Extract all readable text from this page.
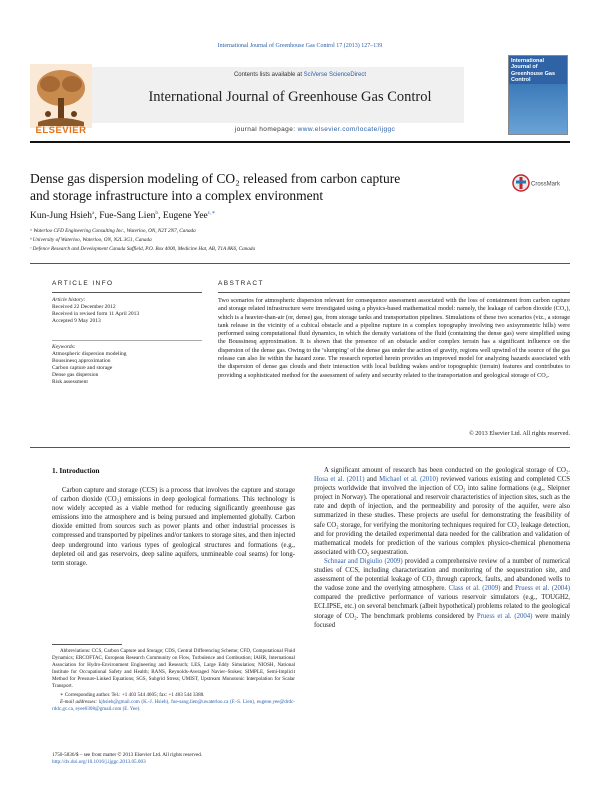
International Journal of Greenhouse Gas Control 17 (2013) 127–139
Contents lists available at SciVerse ScienceDirect
International Journal of Greenhouse Gas Control
journal homepage: www.elsevier.com/locate/ijggc
ELSEVIER
International Journal of Greenhouse Gas Control
Dense gas dispersion modeling of CO₂ released from carbon capture
and storage infrastructure into a complex environment
CrossMark
Kun-Jung Hsieh$^a$, Fue-Sang Lien$^b$, Eugene Yee$^{c,∗}$
ᵃ Waterloo CFD Engineering Consulting Inc., Waterloo, ON, N2T 2N7, Canada
ᵇ University of Waterloo, Waterloo, ON, N2L 3G1, Canada
ᶜ Defence Research and Development Canada Suffield, P.O. Box 4000, Medicine Hat, AB, T1A 8K6, Canada
ARTICLE INFO
Article history:
Received 22 December 2012
Received in revised form 11 April 2013
Accepted 9 May 2013
Keywords:
Atmospheric dispersion modeling
Boussinesq approximation
Carbon capture and storage
Dense gas dispersion
Risk assessment
ABSTRACT
Two scenarios for atmospheric dispersion relevant for consequence assessment associated with the loss of containment from carbon capture and storage related infrastructure were investigated using a physics-based mathematical model: namely, the leakage of carbon dioxide (CO₂), which is a heavier-than-air (or, dense) gas, from storage tanks and transportation pipelines. Simulations of these two scenarios (viz., a storage tank release in the vicinity of a cubical obstacle and a pipeline rupture in a complex topography involving two axisymmetric hills) were performed using computational fluid dynamics, in which the density variations of the fluid (containing the dense gas) were simplified using the Boussinesq approximation. It is shown that the presence of an obstacle and/or complex terrain has a significant influence on the dispersion of the dense gas. Owing to the ‘slumping’ of the dense gas under the action of gravity, regions well upwind of the source of the gas release can also lie within the hazard zone. The research reported herein provides an improved model for analyzing hazards associated with the dispersion of dense gas clouds and their interaction with local building wakes and/or topographic (terrain) features and contributes to providing a sophisticated method for the assessment of safety and security related to the transportation and geological storage of CO₂.
© 2013 Elsevier Ltd. All rights reserved.
1. Introduction

Carbon capture and storage (CCS) is a process that involves the capture and storage of carbon dioxide (CO₂) emissions in deep geological formations. This technology is now widely accepted as a viable method for reducing significantly greenhouse gas emissions into the atmosphere and is being pursued and implemented globally. Carbon dioxide emitted from sources such as power plants and other industrial processes is compressed and transported by pipelines and/or tankers to storage sites, and then injected deep underground into various types of geological structures and formations (e.g., depleted oil and gas reservoirs, deep saline aquifers, unmineable coal seams) for long-term storage.

Abbreviations: CCS, Carbon Capture and Storage; CDS, Central Differencing Scheme; CFD, Computational Fluid Dynamics; ERCOFTAC, European Research Community on Flow, Turbulence and Combustion; IAHR, International Association for Hydro-Environment Engineering and Research; LES, Large Eddy Simulation; NIOSH, National Institute for Occupational Safety and Health; RANS, Reynolds-Averaged Navier–Stokes; SIMPLE, Semi-Implicit Method for Pressure-Linked Equations; SGS, Subgrid Stress; UMIST, Upstream Monotonic Interpolation for Scalar Transport.
∗ Corresponding author. Tel.: +1 403 544 4605; fax: +1 403 544 3388.
E-mail addresses: kjhsieh@gmail.com (K.-J. Hsieh), fue-sang.lien@uwaterloo.ca (F.-S. Lien), eugene.yee@drdc-rddc.gc.ca, eyee0308@gmail.com (E. Yee).
1750-5836/$ – see front matter © 2013 Elsevier Ltd. All rights reserved.
http://dx.doi.org/10.1016/j.ijggc.2013.05.003

A significant amount of research has been conducted on the geological storage of CO₂. Hosa et al. (2011) and Michael et al. (2010) reviewed various existing and completed CCS projects worldwide that involved the injection of CO₂ into saline formations (e.g., Sleipner project in Norway). The operational and reservoir characteristics of injection sites, such as the rate and depth of injection, and the permeability and porosity of the aquifer, were also summarized in these studies. These projects are useful for demonstrating the feasibility of safe CO₂ storage, for verifying the monitoring techniques required for CO₂ leakage detection, and for providing the detailed experimental data needed for the calibration and validation of mathematical models for prediction of the various complex physico-chemical phenomena associated with CO₂ sequestration.

Schnaar and Digiulio (2009) provided a comprehensive review of a number of numerical studies of CCS, including characterization and monitoring of the sequestration site, and assessment of the potential leakage of CO₂ through caprock, faults, and abandoned wells to the vadose zone and the overlying atmosphere. Class et al. (2009) and Pruess et al. (2004) compared the predictive performance of various reservoir simulators (e.g., TOUGH2, ECLIPSE, etc.) on several benchmark (albeit hypothetical) problems related to the geological storage of CO₂. The benchmark problems considered by Pruess et al. (2004) were mainly focused
